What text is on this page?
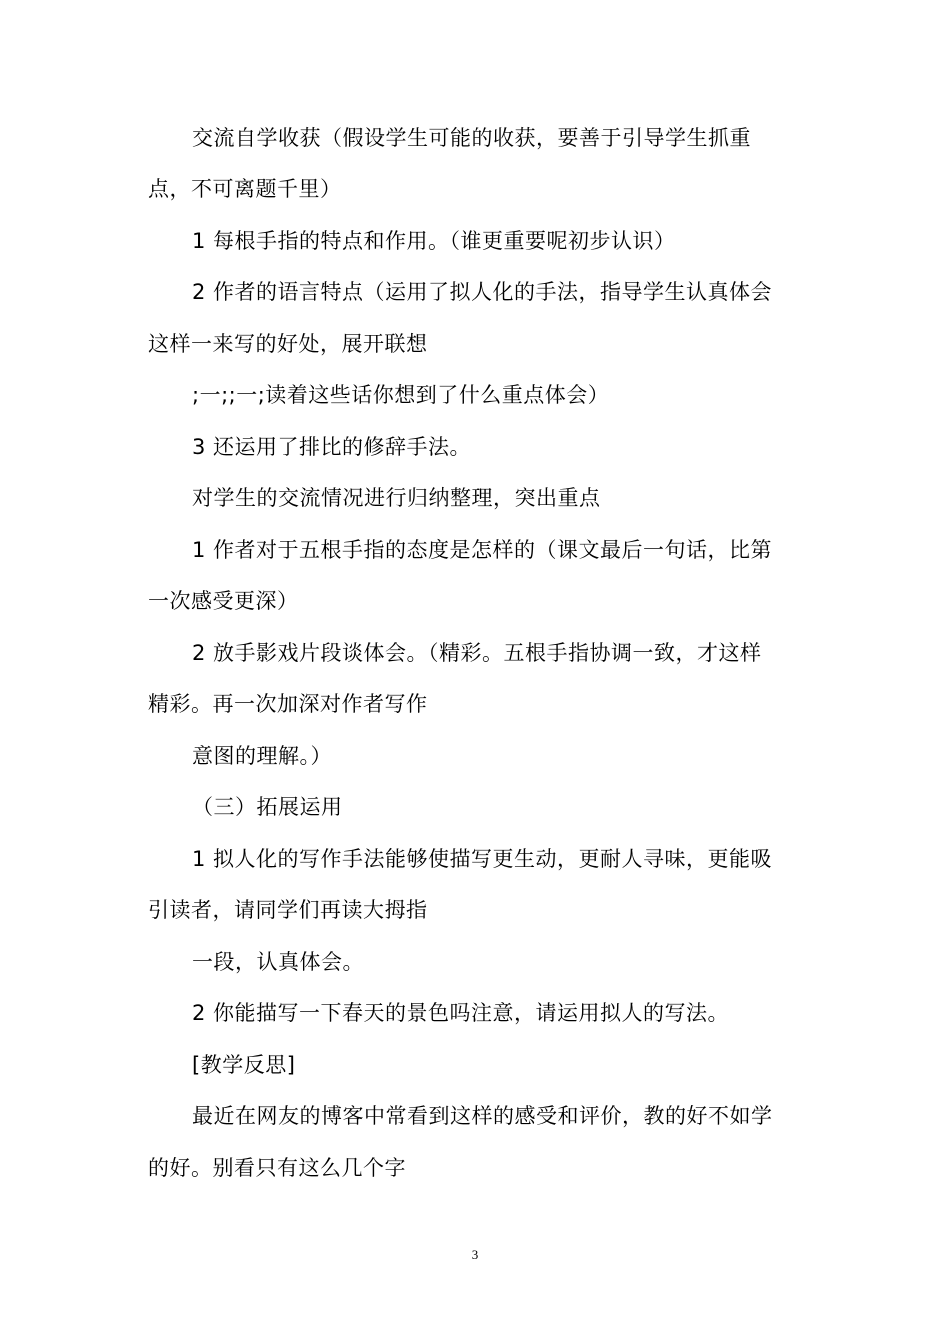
交流自学收获（假设学生可能的收获，要善于引导学生抓重
点，不可离题千里）
1 每根手指的特点和作用。（谁更重要呢初步认识）
2 作者的语言特点（运用了拟人化的手法，指导学生认真体会
这样一来写的好处，展开联想
;一;;一;读着这些话你想到了什么重点体会）
3 还运用了排比的修辞手法。
对学生的交流情况进行归纳整理，突出重点
1 作者对于五根手指的态度是怎样的（课文最后一句话，比第
一次感受更深）
2 放手影戏片段谈体会。（精彩。五根手指协调一致，才这样
精彩。再一次加深对作者写作
意图的理解。）
（三）拓展运用
1 拟人化的写作手法能够使描写更生动，更耐人寻味，更能吸
引读者，请同学们再读大拇指
一段，认真体会。
2 你能描写一下春天的景色吗注意，请运用拟人的写法。
[教学反思]
最近在网友的博客中常看到这样的感受和评价，教的好不如学
的好。别看只有这么几个字
3
